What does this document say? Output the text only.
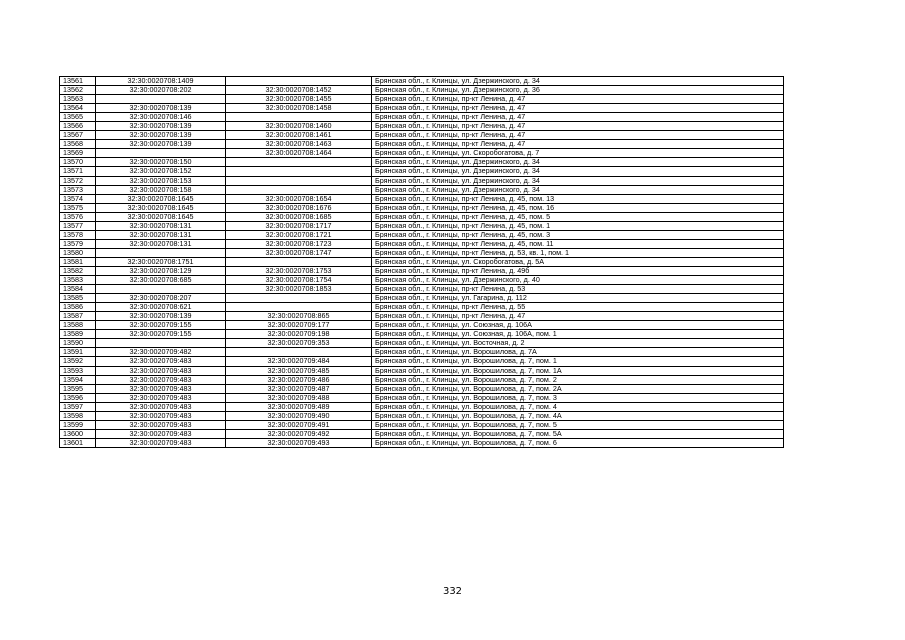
13561	32:30:0020708:1409		Брянская обл., г. Клинцы, ул. Дзержинского, д. 34
13562	32:30:0020708:202	32:30:0020708:1452	Брянская обл., г. Клинцы, ул. Дзержинского, д. 36
13563		32:30:0020708:1455	Брянская обл., г. Клинцы, пр-кт Ленина, д. 47
13564	32:30:0020708:139	32:30:0020708:1458	Брянская обл., г. Клинцы, пр-кт Ленина, д. 47
13565	32:30:0020708:146		Брянская обл., г. Клинцы, пр-кт Ленина, д. 47
13566	32:30:0020708:139	32:30:0020708:1460	Брянская обл., г. Клинцы, пр-кт Ленина, д. 47
13567	32:30:0020708:139	32:30:0020708:1461	Брянская обл., г. Клинцы, пр-кт Ленина, д. 47
13568	32:30:0020708:139	32:30:0020708:1463	Брянская обл., г. Клинцы, пр-кт Ленина, д. 47
13569		32:30:0020708:1464	Брянская обл., г. Клинцы, ул. Скоробогатова, д. 7
13570	32:30:0020708:150		Брянская обл., г. Клинцы, ул. Дзержинского, д. 34
13571	32:30:0020708:152		Брянская обл., г. Клинцы, ул. Дзержинского, д. 34
13572	32:30:0020708:153		Брянская обл., г. Клинцы, ул. Дзержинского, д. 34
13573	32:30:0020708:158		Брянская обл., г. Клинцы, ул. Дзержинского, д. 34
13574	32:30:0020708:1645	32:30:0020708:1654	Брянская обл., г. Клинцы, пр-кт Ленина, д. 45, пом. 13
13575	32:30:0020708:1645	32:30:0020708:1676	Брянская обл., г. Клинцы, пр-кт Ленина, д. 45, пом. 16
13576	32:30:0020708:1645	32:30:0020708:1685	Брянская обл., г. Клинцы, пр-кт Ленина, д. 45, пом. 5
13577	32:30:0020708:131	32:30:0020708:1717	Брянская обл., г. Клинцы, пр-кт Ленина, д. 45, пом. 1
13578	32:30:0020708:131	32:30:0020708:1721	Брянская обл., г. Клинцы, пр-кт Ленина, д. 45, пом. 3
13579	32:30:0020708:131	32:30:0020708:1723	Брянская обл., г. Клинцы, пр-кт Ленина, д. 45, пом. 11
13580		32:30:0020708:1747	Брянская обл., г. Клинцы, пр-кт Ленина, д. 53, кв. 1, пом. 1
13581	32:30:0020708:1751		Брянская обл., г. Клинцы, ул. Скоробогатова, д. 5А
13582	32:30:0020708:129	32:30:0020708:1753	Брянская обл., г. Клинцы, пр-кт Ленина, д. 49б
13583	32:30:0020708:685	32:30:0020708:1754	Брянская обл., г. Клинцы, ул. Дзержинского, д. 40
13584		32:30:0020708:1853	Брянская обл., г. Клинцы, пр-кт Ленина, д. 53
13585	32:30:0020708:207		Брянская обл., г. Клинцы, ул. Гагарина, д. 112
13586	32:30:0020708:621		Брянская обл., г. Клинцы, пр-кт Ленина, д. 55
13587	32:30:0020708:139	32:30:0020708:865	Брянская обл., г. Клинцы, пр-кт Ленина, д. 47
13588	32:30:0020709:155	32:30:0020709:177	Брянская обл., г. Клинцы, ул. Союзная, д. 106А
13589	32:30:0020709:155	32:30:0020709:198	Брянская обл., г. Клинцы, ул. Союзная, д. 106А, пом. 1
13590		32:30:0020709:353	Брянская обл., г. Клинцы, ул. Восточная, д. 2
13591	32:30:0020709:482		Брянская обл., г. Клинцы, ул. Ворошилова, д. 7А
13592	32:30:0020709:483	32:30:0020709:484	Брянская обл., г. Клинцы, ул. Ворошилова, д. 7, пом. 1
13593	32:30:0020709:483	32:30:0020709:485	Брянская обл., г. Клинцы, ул. Ворошилова, д. 7, пом. 1А
13594	32:30:0020709:483	32:30:0020709:486	Брянская обл., г. Клинцы, ул. Ворошилова, д. 7, пом. 2
13595	32:30:0020709:483	32:30:0020709:487	Брянская обл., г. Клинцы, ул. Ворошилова, д. 7, пом. 2А
13596	32:30:0020709:483	32:30:0020709:488	Брянская обл., г. Клинцы, ул. Ворошилова, д. 7, пом. 3
13597	32:30:0020709:483	32:30:0020709:489	Брянская обл., г. Клинцы, ул. Ворошилова, д. 7, пом. 4
13598	32:30:0020709:483	32:30:0020709:490	Брянская обл., г. Клинцы, ул. Ворошилова, д. 7, пом. 4А
13599	32:30:0020709:483	32:30:0020709:491	Брянская обл., г. Клинцы, ул. Ворошилова, д. 7, пом. 5
13600	32:30:0020709:483	32:30:0020709:492	Брянская обл., г. Клинцы, ул. Ворошилова, д. 7, пом. 5А
13601	32:30:0020709:483	32:30:0020709:493	Брянская обл., г. Клинцы, ул. Ворошилова, д. 7, пом. 6
332
